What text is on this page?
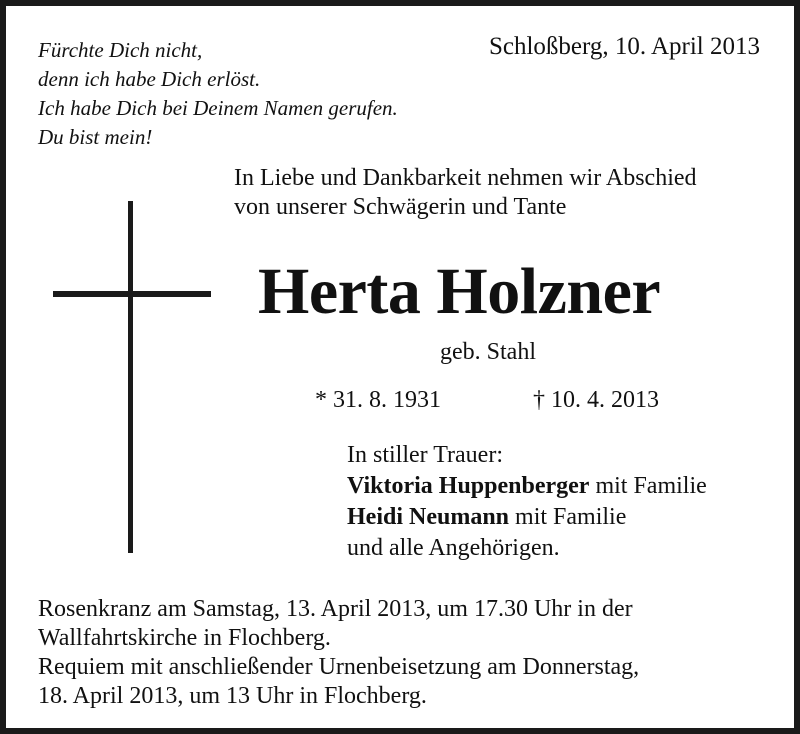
Fürchte Dich nicht,
denn ich habe Dich erlöst.
Ich habe Dich bei Deinem Namen gerufen.
Du bist mein!
Schloßberg, 10. April 2013
In Liebe und Dankbarkeit nehmen wir Abschied
von unserer Schwägerin und Tante
Herta Holzner
geb. Stahl
* 31. 8. 1931	† 10. 4. 2013
In stiller Trauer:
Viktoria Huppenberger mit Familie
Heidi Neumann mit Familie
und alle Angehörigen.
Rosenkranz am Samstag, 13. April 2013, um 17.30 Uhr in der
Wallfahrtskirche in Flochberg.
Requiem mit anschließender Urnenbeisetzung am Donnerstag,
18. April 2013, um 13 Uhr in Flochberg.
